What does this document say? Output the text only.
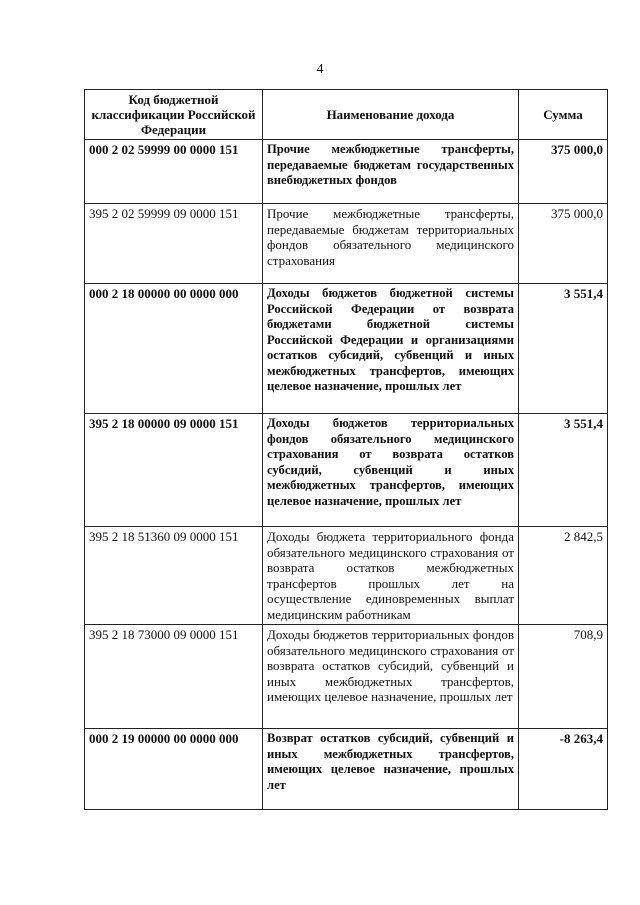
4
Код бюджетной классификации Российской Федерации	Наименование дохода	Сумма
000 2 02 59999 00 0000 151	Прочие межбюджетные трансферты, передаваемые бюджетам государственных внебюджетных фондов	375 000,0
395 2 02 59999 09 0000 151	Прочие межбюджетные трансферты, передаваемые бюджетам территориальных фондов обязательного медицинского страхования	375 000,0
000 2 18 00000 00 0000 000	Доходы бюджетов бюджетной системы Российской Федерации от возврата бюджетами бюджетной системы Российской Федерации и организациями остатков субсидий, субвенций и иных межбюджетных трансфертов, имеющих целевое назначение, прошлых лет	3 551,4
395 2 18 00000 09 0000 151	Доходы бюджетов территориальных фондов обязательного медицинского страхования от возврата остатков субсидий, субвенций и иных межбюджетных трансфертов, имеющих целевое назначение, прошлых лет	3 551,4
395 2 18 51360 09 0000 151	Доходы бюджета территориального фонда обязательного медицинского страхования от возврата остатков межбюджетных трансфертов прошлых лет на осуществление единовременных выплат медицинским работникам	2 842,5
395 2 18 73000 09 0000 151	Доходы бюджетов территориальных фондов обязательного медицинского страхования от возврата остатков субсидий, субвенций и иных межбюджетных трансфертов, имеющих целевое назначение, прошлых лет	708,9
000 2 19 00000 00 0000 000	Возврат остатков субсидий, субвенций и иных межбюджетных трансфертов, имеющих целевое назначение, прошлых лет	-8 263,4
